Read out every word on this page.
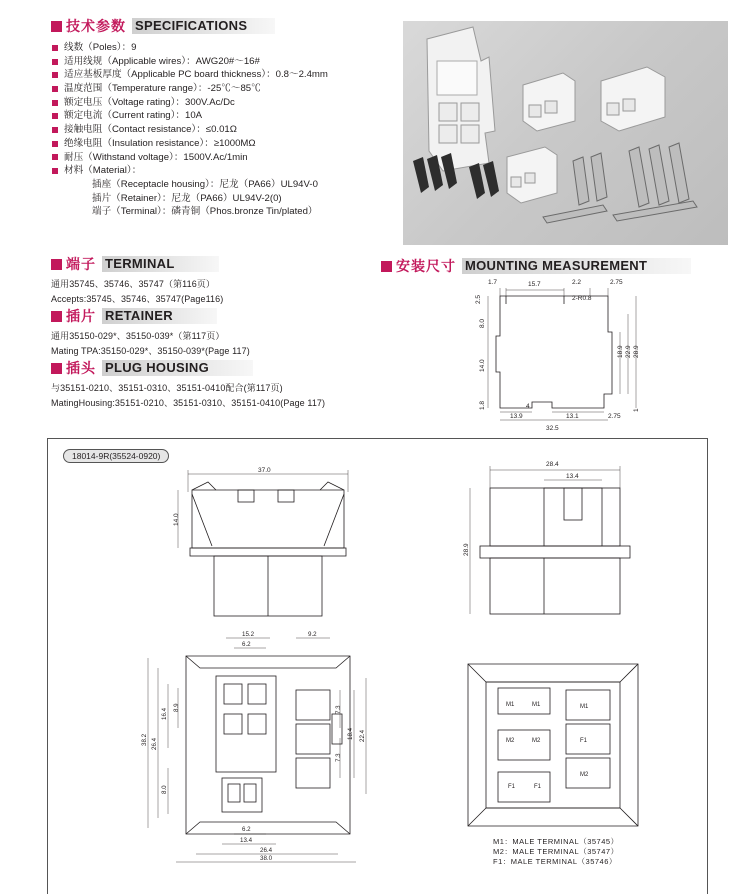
技术参数 SPECIFICATIONS
线数（Poles）：9
适用线规（Applicable wires）：AWG20#～16#
适应基板厚度（Applicable PC board thickness）：0.8～2.4mm
温度范围（Temperature range）：-25℃～85℃
额定电压（Voltage rating）：300V.Ac/Dc
额定电流（Current rating）：10A
接触电阻（Contact resistance）：≤0.01Ω
绝缘电阻（Insulation resistance）：≥1000MΩ
耐压（Withstand voltage）：1500V.Ac/1min
材料（Material）：
插座（Receptacle housing）：尼龙（PA66）UL94V-0
插片（Retainer）：尼龙（PA66）UL94V-2(0)
端子（Terminal）：磷青铜（Phos.bronze Tin/plated）
端子 TERMINAL
通用35745、35746、35747（第116页）
Accepts:35745、35746、35747(Page116)
插片 RETAINER
通用35150-029*、35150-039*（第117页）
Mating TPA:35150-029*、35150-039*(Page 117)
插头 PLUG HOUSING
与35151-0210、35151-0310、35151-0410配合(第117页)
MatingHousing:35151-0210、35151-0310、35151-0410(Page 117)
安装尺寸 MOUNTING MEASUREMENT
1.7	15.7	2.2	2.75
2.5	2-R0.8
8.0
14.0
1.8
18.9 22.9 28.9
4
13.9	13.1	2.75
32.5
1
18014-9R(35524-0920)
37.0
14.0
28.4
13.4
28.9
15.2
6.2
9.2
38.2 26.4
16.4
8.9
8.0
7.3
7.3
18.4 22.4
6.2
13.4
26.4
38.0
M1	M1
M2	M2
F1	F1
F1
M2
M1
M1：MALE TERMINAL（35745）
M2：MALE TERMINAL（35747）
F1：MALE TERMINAL（35746）
